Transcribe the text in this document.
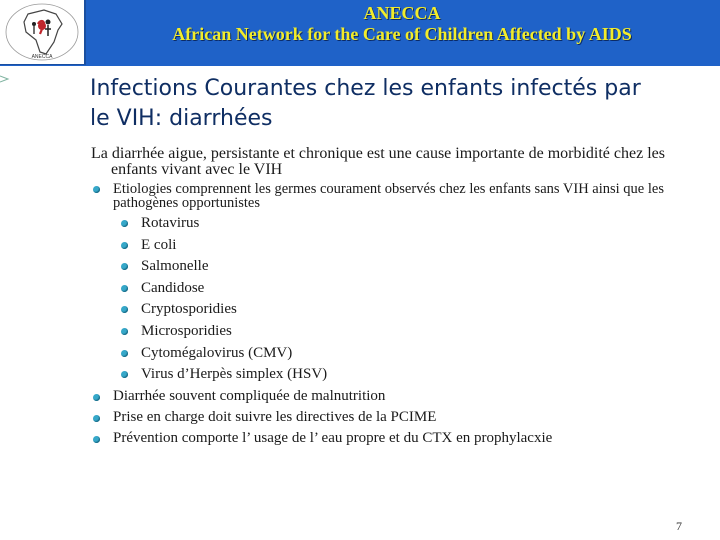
ANECCA
ANECCA
African Network for the Care of Children Affected by AIDS
Infections Courantes chez les enfants infectés par
le VIH: diarrhées

La diarrhée aigue, persistante et chronique est une cause importante de morbidité chez les enfants vivant avec le VIH

Etiologies comprennent les germes courament observés chez les enfants sans VIH ainsi que les pathogènes opportunistes
Rotavirus
E coli
Salmonelle
Candidose
Cryptosporidies
Microsporidies
Cytomégalovirus (CMV)
Virus d’Herpès simplex (HSV)
Diarrhée souvent compliquée de malnutrition
Prise en charge doit suivre les directives de la PCIME
Prévention comporte l’ usage de l’ eau propre et du CTX en prophylacxie
7
